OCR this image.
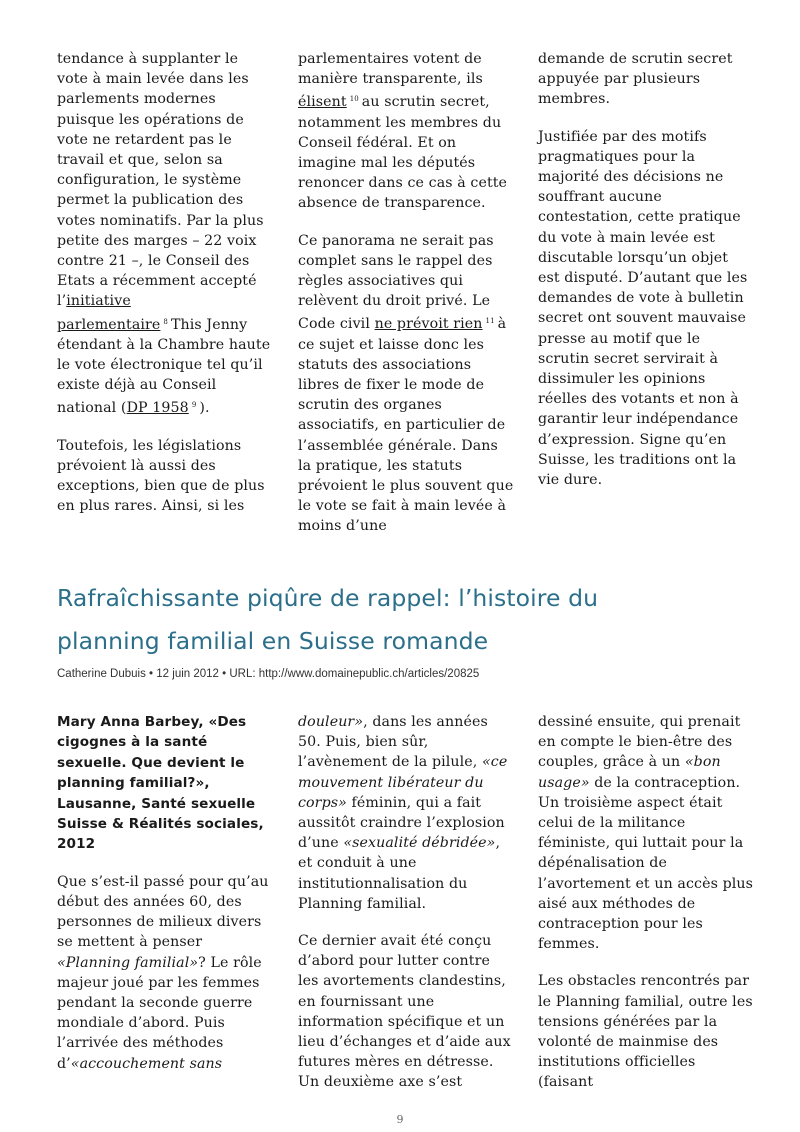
tendance à supplanter le vote à main levée dans les parlements modernes puisque les opérations de vote ne retardent pas le travail et que, selon sa configuration, le système permet la publication des votes nominatifs. Par la plus petite des marges – 22 voix contre 21 –, le Conseil des Etats a récemment accepté l’initiative parlementaire $^8$ This Jenny étendant à la Chambre haute le vote électronique tel qu’il existe déjà au Conseil national (DP 1958 $^9$ ).

Toutefois, les législations prévoient là aussi des exceptions, bien que de plus en plus rares. Ainsi, si les

parlementaires votent de manière transparente, ils élisent $^{10}$ au scrutin secret, notamment les membres du Conseil fédéral. Et on imagine mal les députés renoncer dans ce cas à cette absence de transparence.

Ce panorama ne serait pas complet sans le rappel des règles associatives qui relèvent du droit privé. Le Code civil ne prévoit rien $^{11}$ à ce sujet et laisse donc les statuts des associations libres de fixer le mode de scrutin des organes associatifs, en particulier de l’assemblée générale. Dans la pratique, les statuts prévoient le plus souvent que le vote se fait à main levée à moins d’une

demande de scrutin secret appuyée par plusieurs membres.

Justifiée par des motifs pragmatiques pour la majorité des décisions ne souffrant aucune contestation, cette pratique du vote à main levée est discutable lorsqu’un objet est disputé. D’autant que les demandes de vote à bulletin secret ont souvent mauvaise presse au motif que le scrutin secret servirait à dissimuler les opinions réelles des votants et non à garantir leur indépendance d’expression. Signe qu’en Suisse, les traditions ont la vie dure.

Rafraîchissante piqûre de rappel: l’histoire du
planning familial en Suisse romande

Catherine Dubuis • 12 juin 2012 • URL: http://www.domainepublic.ch/articles/20825

Mary Anna Barbey, «Des cigognes à la santé sexuelle. Que devient le planning familial?», Lausanne, Santé sexuelle Suisse & Réalités sociales, 2012

Que s’est-il passé pour qu’au début des années 60, des personnes de milieux divers se mettent à penser «Planning familial»? Le rôle majeur joué par les femmes pendant la seconde guerre mondiale d’abord. Puis l’arrivée des méthodes d’«accouchement sans

douleur», dans les années 50. Puis, bien sûr, l’avènement de la pilule, «ce mouvement libérateur du corps» féminin, qui a fait aussitôt craindre l’explosion d’une «sexualité débridée», et conduit à une institutionnalisation du Planning familial.

Ce dernier avait été conçu d’abord pour lutter contre les avortements clandestins, en fournissant une information spécifique et un lieu d’échanges et d’aide aux futures mères en détresse. Un deuxième axe s’est

dessiné ensuite, qui prenait en compte le bien-être des couples, grâce à un «bon usage» de la contraception. Un troisième aspect était celui de la militance féministe, qui luttait pour la dépénalisation de l’avortement et un accès plus aisé aux méthodes de contraception pour les femmes.

Les obstacles rencontrés par le Planning familial, outre les tensions générées par la volonté de mainmise des institutions officielles (faisant

9
